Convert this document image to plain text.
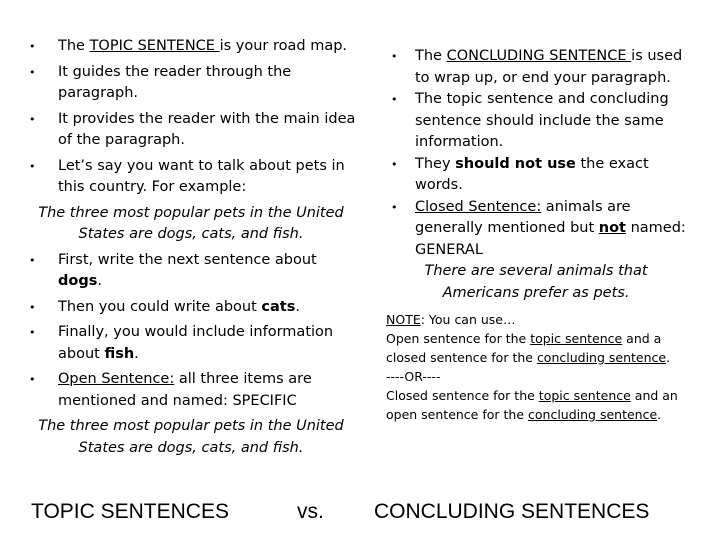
• The TOPIC SENTENCE is your road map.
• It guides the reader through the paragraph.
• It provides the reader with the main idea of the paragraph.
• Let’s say you want to talk about pets in this country. For example:

The three most popular pets in the United States are dogs, cats, and fish.

• First, write the next sentence about dogs.
• Then you could write about cats.
• Finally, you would include information about fish.
• Open Sentence: all three items are mentioned and named: SPECIFIC

The three most popular pets in the United States are dogs, cats, and fish.

• The CONCLUDING SENTENCE is used to wrap up, or end your paragraph.
• The topic sentence and concluding sentence should include the same information.
• They should not use the exact words.
• Closed Sentence: animals are generally mentioned but not named: GENERAL

There are several animals that Americans prefer as pets.

NOTE: You can use…

Open sentence for the topic sentence and a closed sentence for the concluding sentence.

----OR----

Closed sentence for the topic sentence and an open sentence for the concluding sentence.

TOPIC SENTENCES	vs. CONCLUDING SENTENCES
